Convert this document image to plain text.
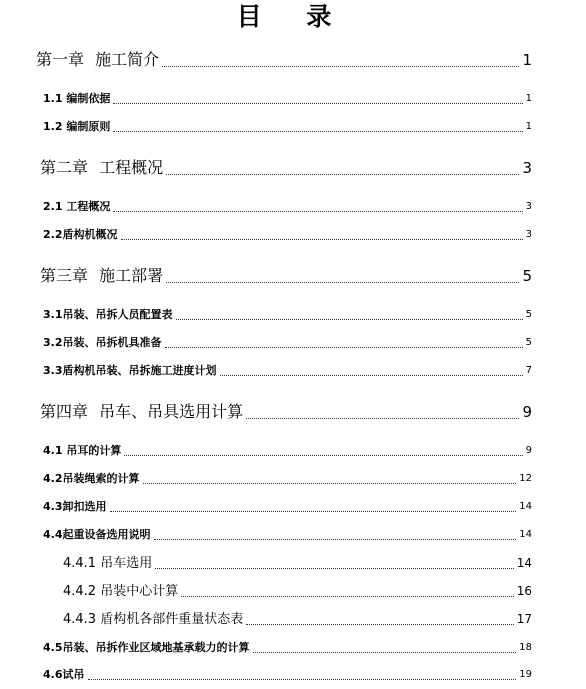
目 录
第一章 施工简介	1
1.1 编制依据	1
1.2 编制原则	1
第二章 工程概况	3
2.1 工程概况	3
2.2盾构机概况	3
第三章 施工部署	5
3.1吊装、吊拆人员配置表	5
3.2吊装、吊拆机具准备	5
3.3盾构机吊装、吊拆施工进度计划	7
第四章 吊车、吊具选用计算	9
4.1 吊耳的计算	9
4.2吊装绳索的计算	12
4.3卸扣选用	14
4.4起重设备选用说明	14
4.4.1 吊车选用	14
4.4.2 吊装中心计算	16
4.4.3 盾构机各部件重量状态表	17
4.5吊装、吊拆作业区域地基承载力的计算	18
4.6试吊	19
